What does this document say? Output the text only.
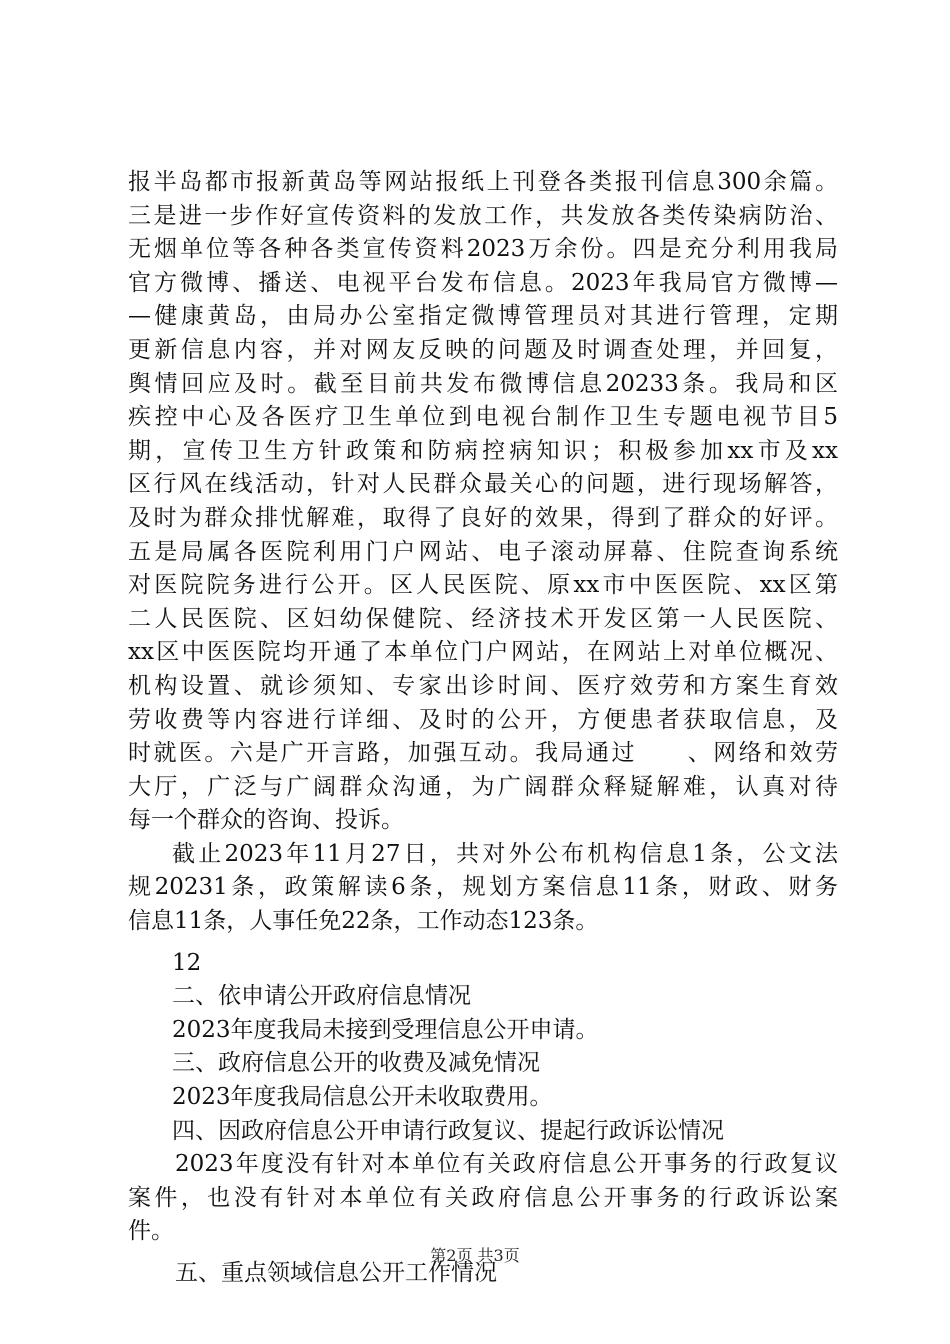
报半岛都市报新黄岛等网站报纸上刊登各类报刊信息300余篇。
三是进一步作好宣传资料的发放工作，共发放各类传染病防治、
无烟单位等各种各类宣传资料2023万余份。四是充分利用我局
官方微博、播送、电视平台发布信息。2023年我局官方微博—
—健康黄岛，由局办公室指定微博管理员对其进行管理，定期
更新信息内容，并对网友反映的问题及时调查处理，并回复，
舆情回应及时。截至目前共发布微博信息20233条。我局和区
疾控中心及各医疗卫生单位到电视台制作卫生专题电视节目5
期，宣传卫生方针政策和防病控病知识；积极参加xx市及xx
区行风在线活动，针对人民群众最关心的问题，进行现场解答，
及时为群众排忧解难，取得了良好的效果，得到了群众的好评。
五是局属各医院利用门户网站、电子滚动屏幕、住院查询系统
对医院院务进行公开。区人民医院、原xx市中医医院、xx区第
二人民医院、区妇幼保健院、经济技术开发区第一人民医院、
xx区中医医院均开通了本单位门户网站，在网站上对单位概况、
机构设置、就诊须知、专家出诊时间、医疗效劳和方案生育效
劳收费等内容进行详细、及时的公开，方便患者获取信息，及
时就医。六是广开言路，加强互动。我局通过　　、网络和效劳
大厅，广泛与广阔群众沟通，为广阔群众释疑解难，认真对待
每一个群众的咨询、投诉。
截止2023年11月27日，共对外公布机构信息1条，公文法
规20231条，政策解读6条，规划方案信息11条，财政、财务
信息11条，人事任免22条，工作动态123条。
12
二、依申请公开政府信息情况
2023年度我局未接到受理信息公开申请。
三、政府信息公开的收费及减免情况
2023年度我局信息公开未收取费用。
四、因政府信息公开申请行政复议、提起行政诉讼情况
2023年度没有针对本单位有关政府信息公开事务的行政复议
案件，也没有针对本单位有关政府信息公开事务的行政诉讼案
件。
五、重点领域信息公开工作情况
第2页 共3页
